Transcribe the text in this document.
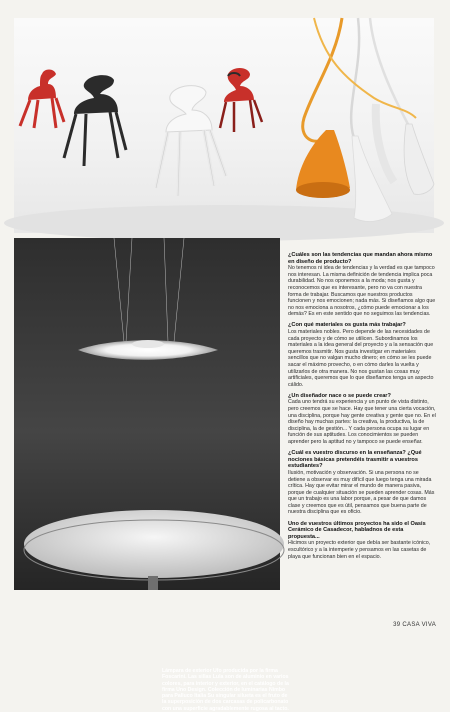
Lámpara de exterior Ufo producida por la firma Foscarini. Las sillas Lula son de aluminio en varios colores, para interior y exterior, en el catálogo de la firma Uno Design. Colección de luminarias Nimbo para Palluco Italia Su singular silueta es el fruto de la superposición de dos carcasas de policarbonato con una superficie agradablemente rugosa al tacto.

¿Cuáles son las tendencias que mandan ahora mismo en diseño de producto?

No tenemos ni idea de tendencias y la verdad es que tampoco nos interesan. La misma definición de tendencia implica poca durabilidad. No nos oponemos a la moda; nos gusta y reconocemos que es interesante, pero no va con nuestra forma de trabajar. Buscamos que nuestros productos funcionen y nos emocionen; nada más. Si diseñamos algo que no nos emociona a nosotros, ¿cómo puede emocionar a los demás? Es en este sentido que no seguimos las tendencias.

¿Con qué materiales os gusta más trabajar?

Los materiales nobles. Pero depende de las necesidades de cada proyecto y de cómo se utilicen. Subordinamos los materiales a la idea general del proyecto y a la sensación que queremos trasmitir. Nos gusta investigar en materiales sencillos que no valgan mucho dinero; en cómo se les puede sacar el máximo provecho, o en cómo darles la vuelta y utilizarlos de otra manera. No nos gustan las cosas muy artificiales, queremos que lo que diseñamos tenga un aspecto cálido.

¿Un diseñador nace o se puede crear?

Cada uno tendrá su experiencia y un punto de vista distinto, pero creemos que se hace. Hay que tener una cierta vocación, una disciplina, porque hay gente creativa y gente que no. En el diseño hay muchas partes: la creativa, la productiva, la de disciplina, la de gestión... Y cada persona ocupa su lugar en función de sus aptitudes. Los conocimientos se pueden aprender pero la aptitud no y tampoco se puede enseñar.

¿Cuál es vuestro discurso en la enseñanza? ¿Qué nociones básicas pretendéis trasmitir a vuestros estudiantes?

Ilusión, motivación y observación. Si una persona no se detiene a observar es muy difícil que luego tenga una mirada crítica. Hay que evitar mirar el mundo de manera pasiva, porque de cualquier situación se pueden aprender cosas. Más que un trabajo es una labor porque, a pesar de que damos clase y creemos que es útil, pensamos que buena parte de nuestra disciplina que es oficio.

Uno de vuestros últimos proyectos ha sido el Oasis Cerámico de Casadecor, habladnos de esta propuesta...

Hicimos un proyecto exterior que debía ser bastante icónico, escultórico y a la intemperie y pensamos en las casetas de playa que funcionan bien en el espacio.

39 CASA VIVA
